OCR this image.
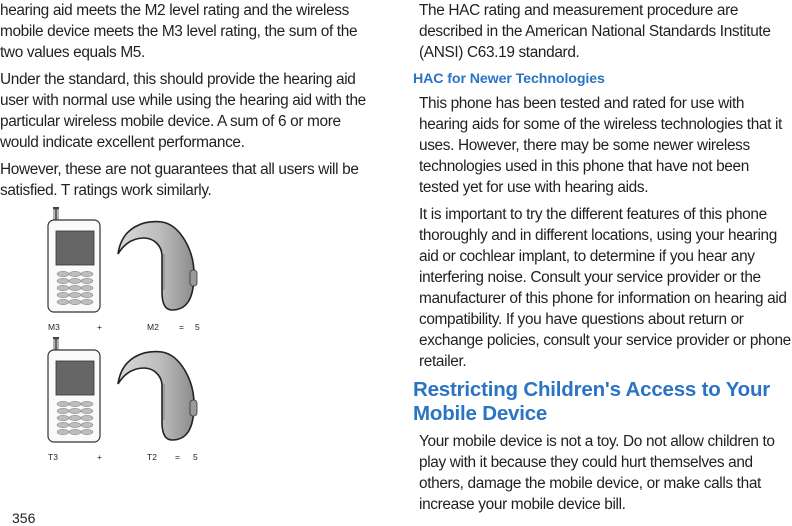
hearing aid meets the M2 level rating and the wireless mobile device meets the M3 level rating, the sum of the two values equals M5.

Under the standard, this should provide the hearing aid user with normal use while using the hearing aid with the particular wireless mobile device. A sum of 6 or more would indicate excellent performance.

However, these are not guarantees that all users will be satisfied. T ratings work similarly.

M3	+	M2 = 5
T3	+	T2 = 5

The HAC rating and measurement procedure are described in the American National Standards Institute (ANSI) C63.19 standard.

HAC for Newer Technologies

This phone has been tested and rated for use with hearing aids for some of the wireless technologies that it uses. However, there may be some newer wireless technologies used in this phone that have not been tested yet for use with hearing aids.

It is important to try the different features of this phone thoroughly and in different locations, using your hearing aid or cochlear implant, to determine if you hear any interfering noise. Consult your service provider or the manufacturer of this phone for information on hearing aid compatibility. If you have questions about return or exchange policies, consult your service provider or phone retailer.

Restricting Children's Access to Your Mobile Device

Your mobile device is not a toy. Do not allow children to play with it because they could hurt themselves and others, damage the mobile device, or make calls that increase your mobile device bill.

356
